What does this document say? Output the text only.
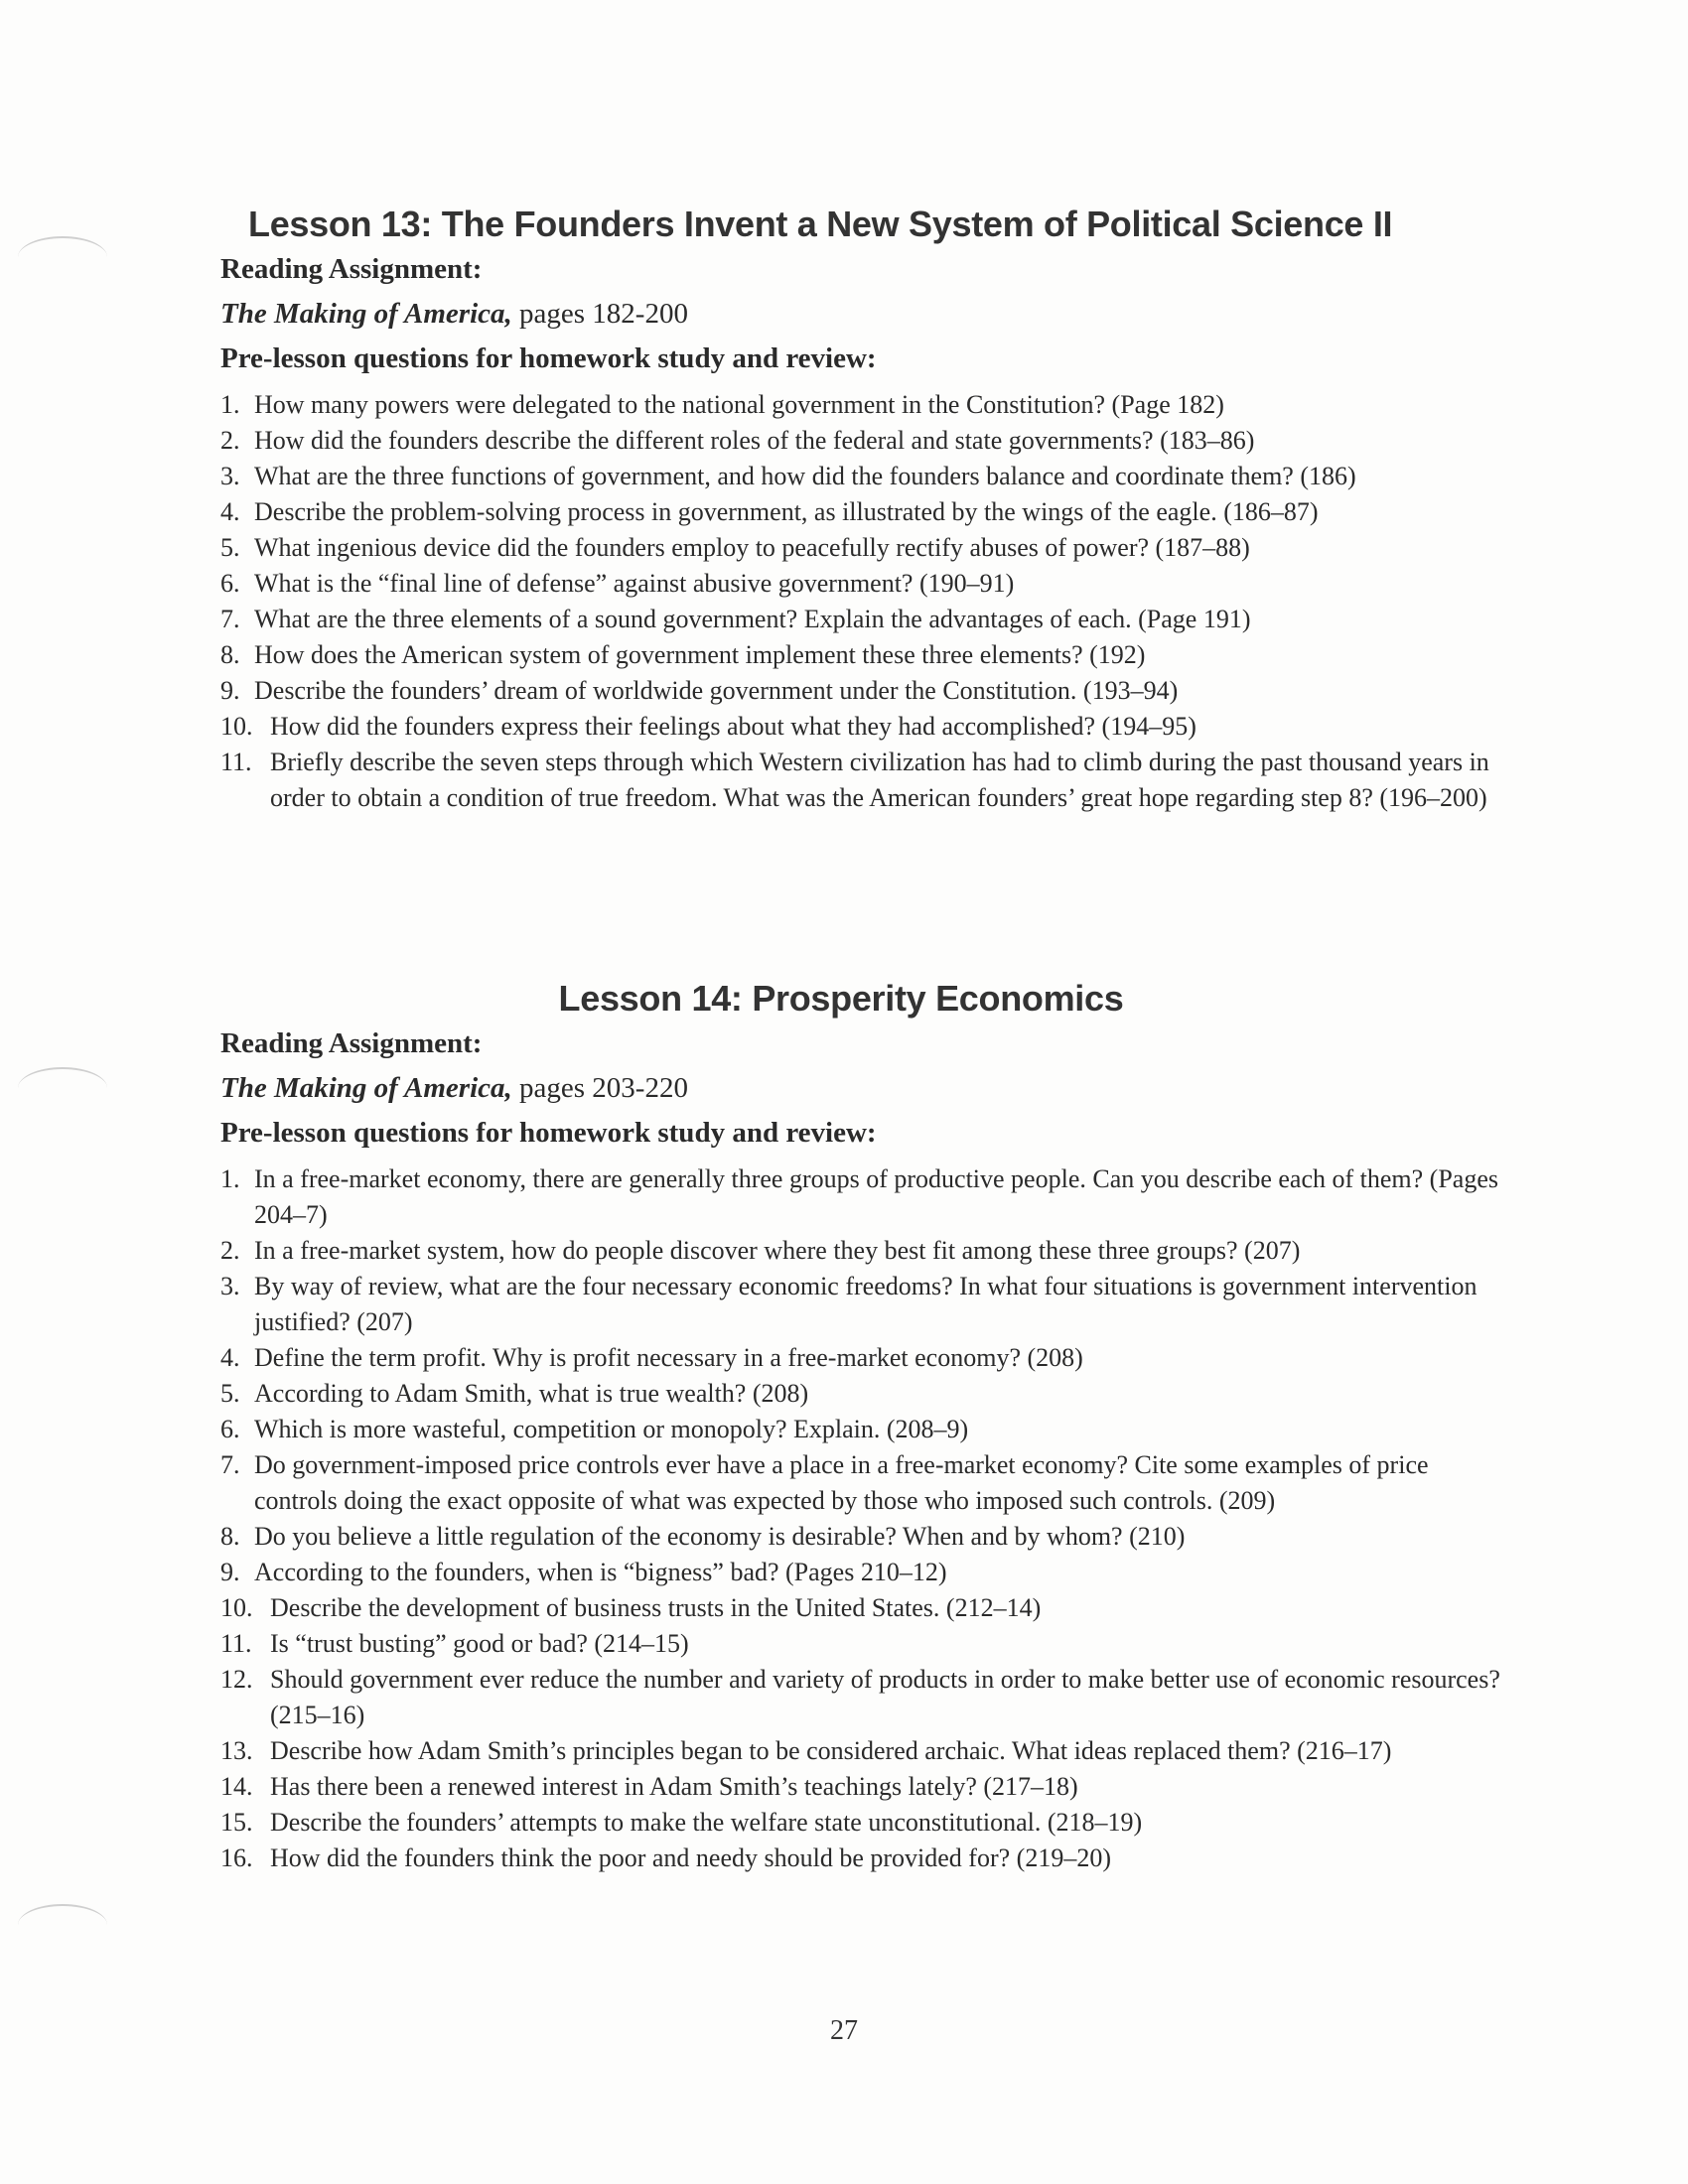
Lesson 13: The Founders Invent a New System of Political Science II

Reading Assignment:

The Making of America, pages 182-200

Pre-lesson questions for homework study and review:

1. How many powers were delegated to the national government in the Constitution? (Page 182)
2. How did the founders describe the different roles of the federal and state governments? (183–86)
3. What are the three functions of government, and how did the founders balance and coordinate them? (186)
4. Describe the problem-solving process in government, as illustrated by the wings of the eagle. (186–87)
5. What ingenious device did the founders employ to peacefully rectify abuses of power? (187–88)
6. What is the “final line of defense” against abusive government? (190–91)
7. What are the three elements of a sound government? Explain the advantages of each. (Page 191)
8. How does the American system of government implement these three elements? (192)
9. Describe the founders’ dream of worldwide government under the Constitution. (193–94)
10. How did the founders express their feelings about what they had accomplished? (194–95)
11. Briefly describe the seven steps through which Western civilization has had to climb during the past thousand years in order to obtain a condition of true freedom. What was the American founders’ great hope regarding step 8? (196–200)
Lesson 14: Prosperity Economics

Reading Assignment:

The Making of America, pages 203-220

Pre-lesson questions for homework study and review:

1. In a free-market economy, there are generally three groups of productive people. Can you describe each of them? (Pages 204–7)
2. In a free-market system, how do people discover where they best fit among these three groups? (207)
3. By way of review, what are the four necessary economic freedoms? In what four situations is government intervention justified? (207)
4. Define the term profit. Why is profit necessary in a free-market economy? (208)
5. According to Adam Smith, what is true wealth? (208)
6. Which is more wasteful, competition or monopoly? Explain. (208–9)
7. Do government-imposed price controls ever have a place in a free-market economy? Cite some examples of price controls doing the exact opposite of what was expected by those who imposed such controls. (209)
8. Do you believe a little regulation of the economy is desirable? When and by whom? (210)
9. According to the founders, when is “bigness” bad? (Pages 210–12)
10. Describe the development of business trusts in the United States. (212–14)
11. Is “trust busting” good or bad? (214–15)
12. Should government ever reduce the number and variety of products in order to make better use of economic resources? (215–16)
13. Describe how Adam Smith’s principles began to be considered archaic. What ideas replaced them? (216–17)
14. Has there been a renewed interest in Adam Smith’s teachings lately? (217–18)
15. Describe the founders’ attempts to make the welfare state unconstitutional. (218–19)
16. How did the founders think the poor and needy should be provided for? (219–20)
27
